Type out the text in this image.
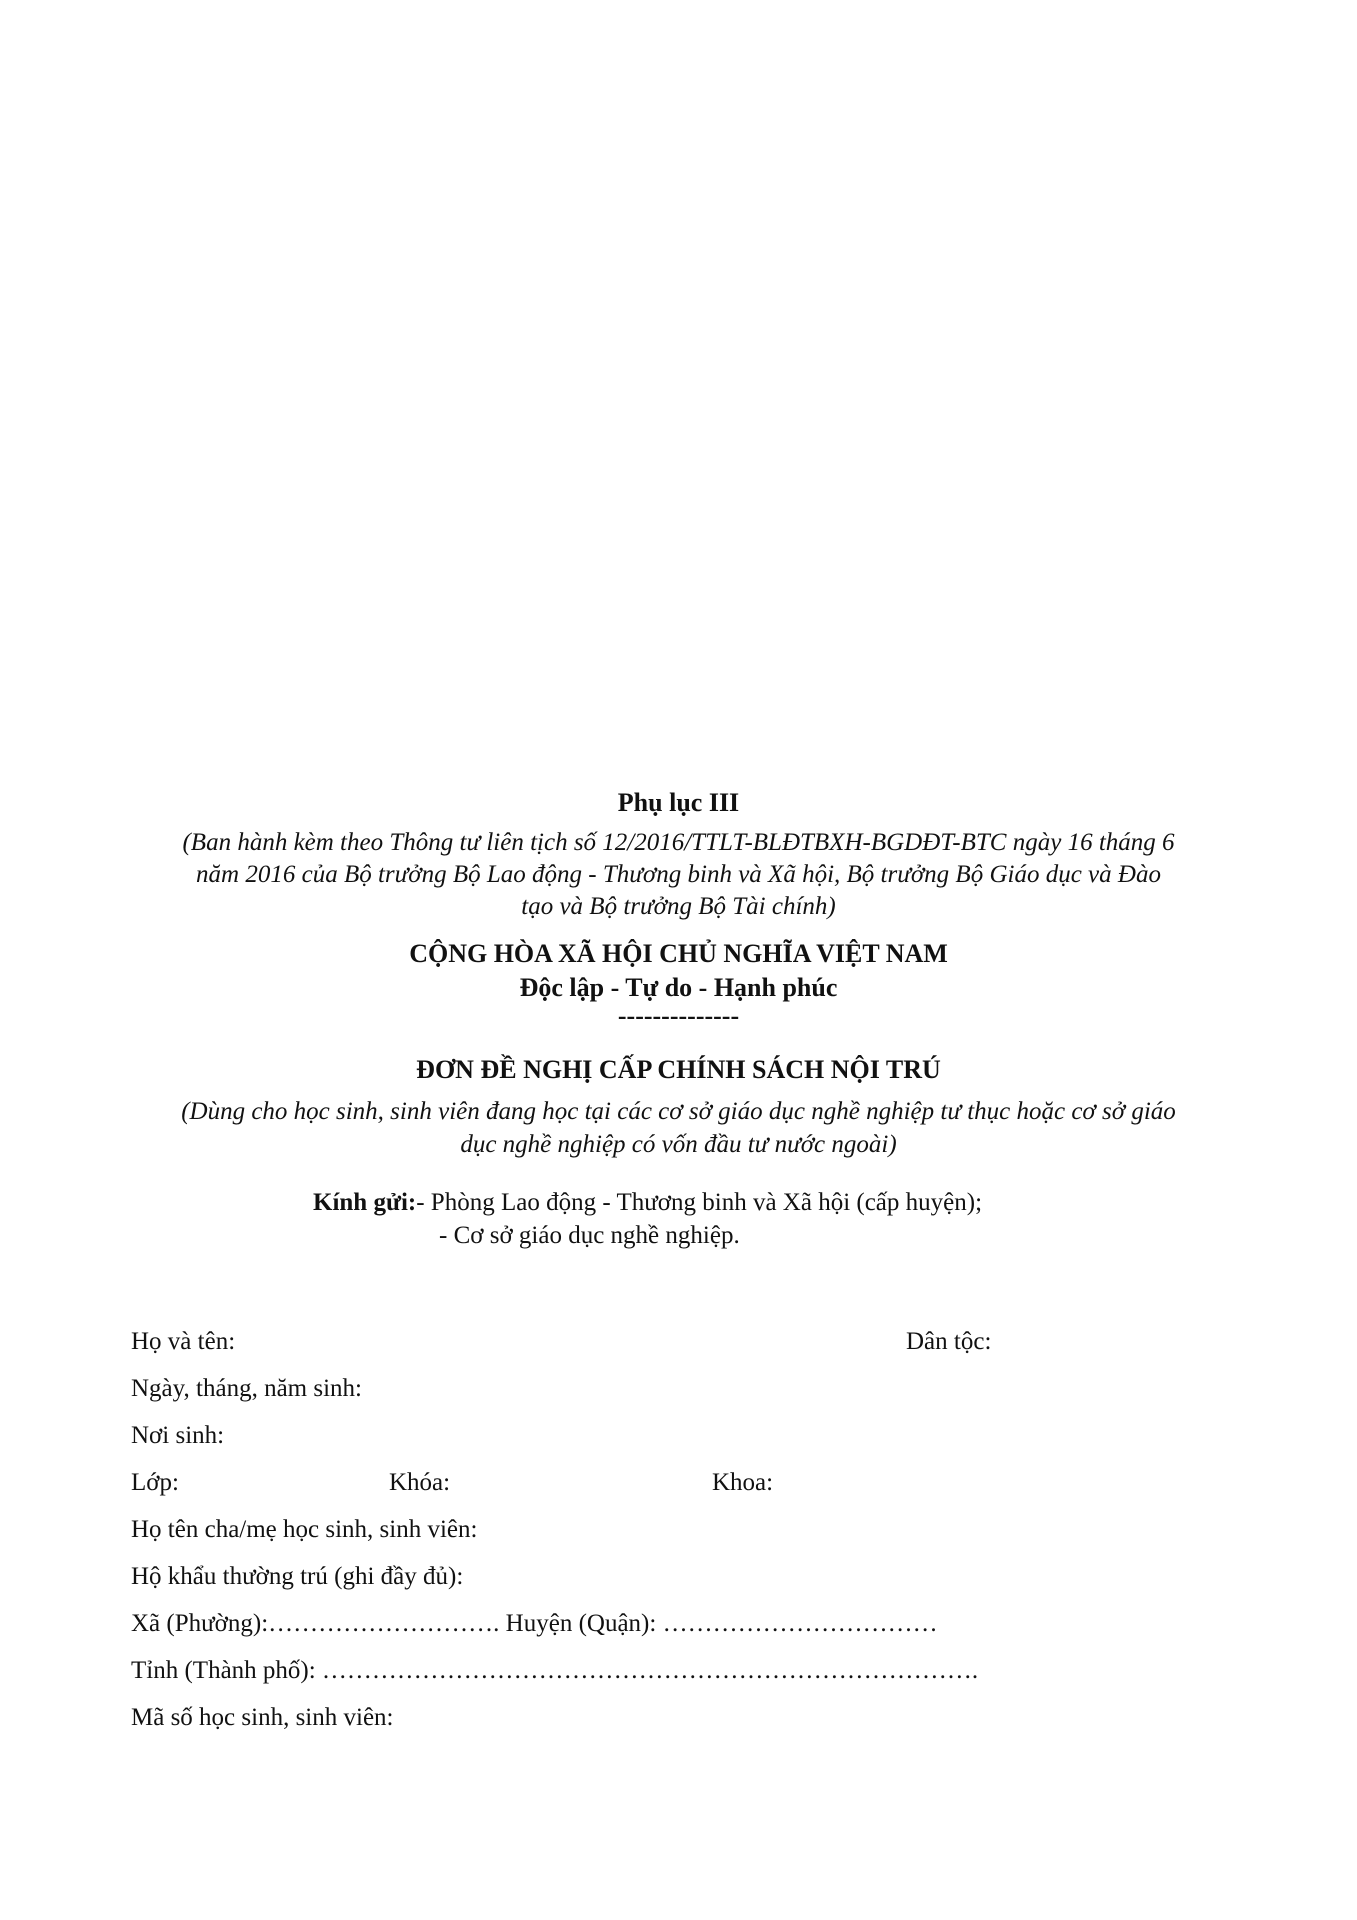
Phụ lục III
(Ban hành kèm theo Thông tư liên tịch số 12/2016/TTLT-BLĐTBXH-BGDĐT-BTC ngày 16 tháng 6
năm 2016 của Bộ trưởng Bộ Lao động - Thương binh và Xã hội, Bộ trưởng Bộ Giáo dục và Đào
tạo và Bộ trưởng Bộ Tài chính)
CỘNG HÒA XÃ HỘI CHỦ NGHĨA VIỆT NAM
Độc lập - Tự do - Hạnh phúc
--------------
ĐƠN ĐỀ NGHỊ CẤP CHÍNH SÁCH NỘI TRÚ
(Dùng cho học sinh, sinh viên đang học tại các cơ sở giáo dục nghề nghiệp tư thục hoặc cơ sở giáo
dục nghề nghiệp có vốn đầu tư nước ngoài)
Kính gửi:- Phòng Lao động - Thương binh và Xã hội (cấp huyện);
- Cơ sở giáo dục nghề nghiệp.
Họ và tên:	Dân tộc:
Ngày, tháng, năm sinh:
Nơi sinh:
Lớp:	Khóa:	Khoa:
Họ tên cha/mẹ học sinh, sinh viên:
Hộ khẩu thường trú (ghi đầy đủ):
Xã (Phường):………………………. Huyện (Quận): ……………………………
Tỉnh (Thành phố): …………………………………………………………………….
Mã số học sinh, sinh viên:
